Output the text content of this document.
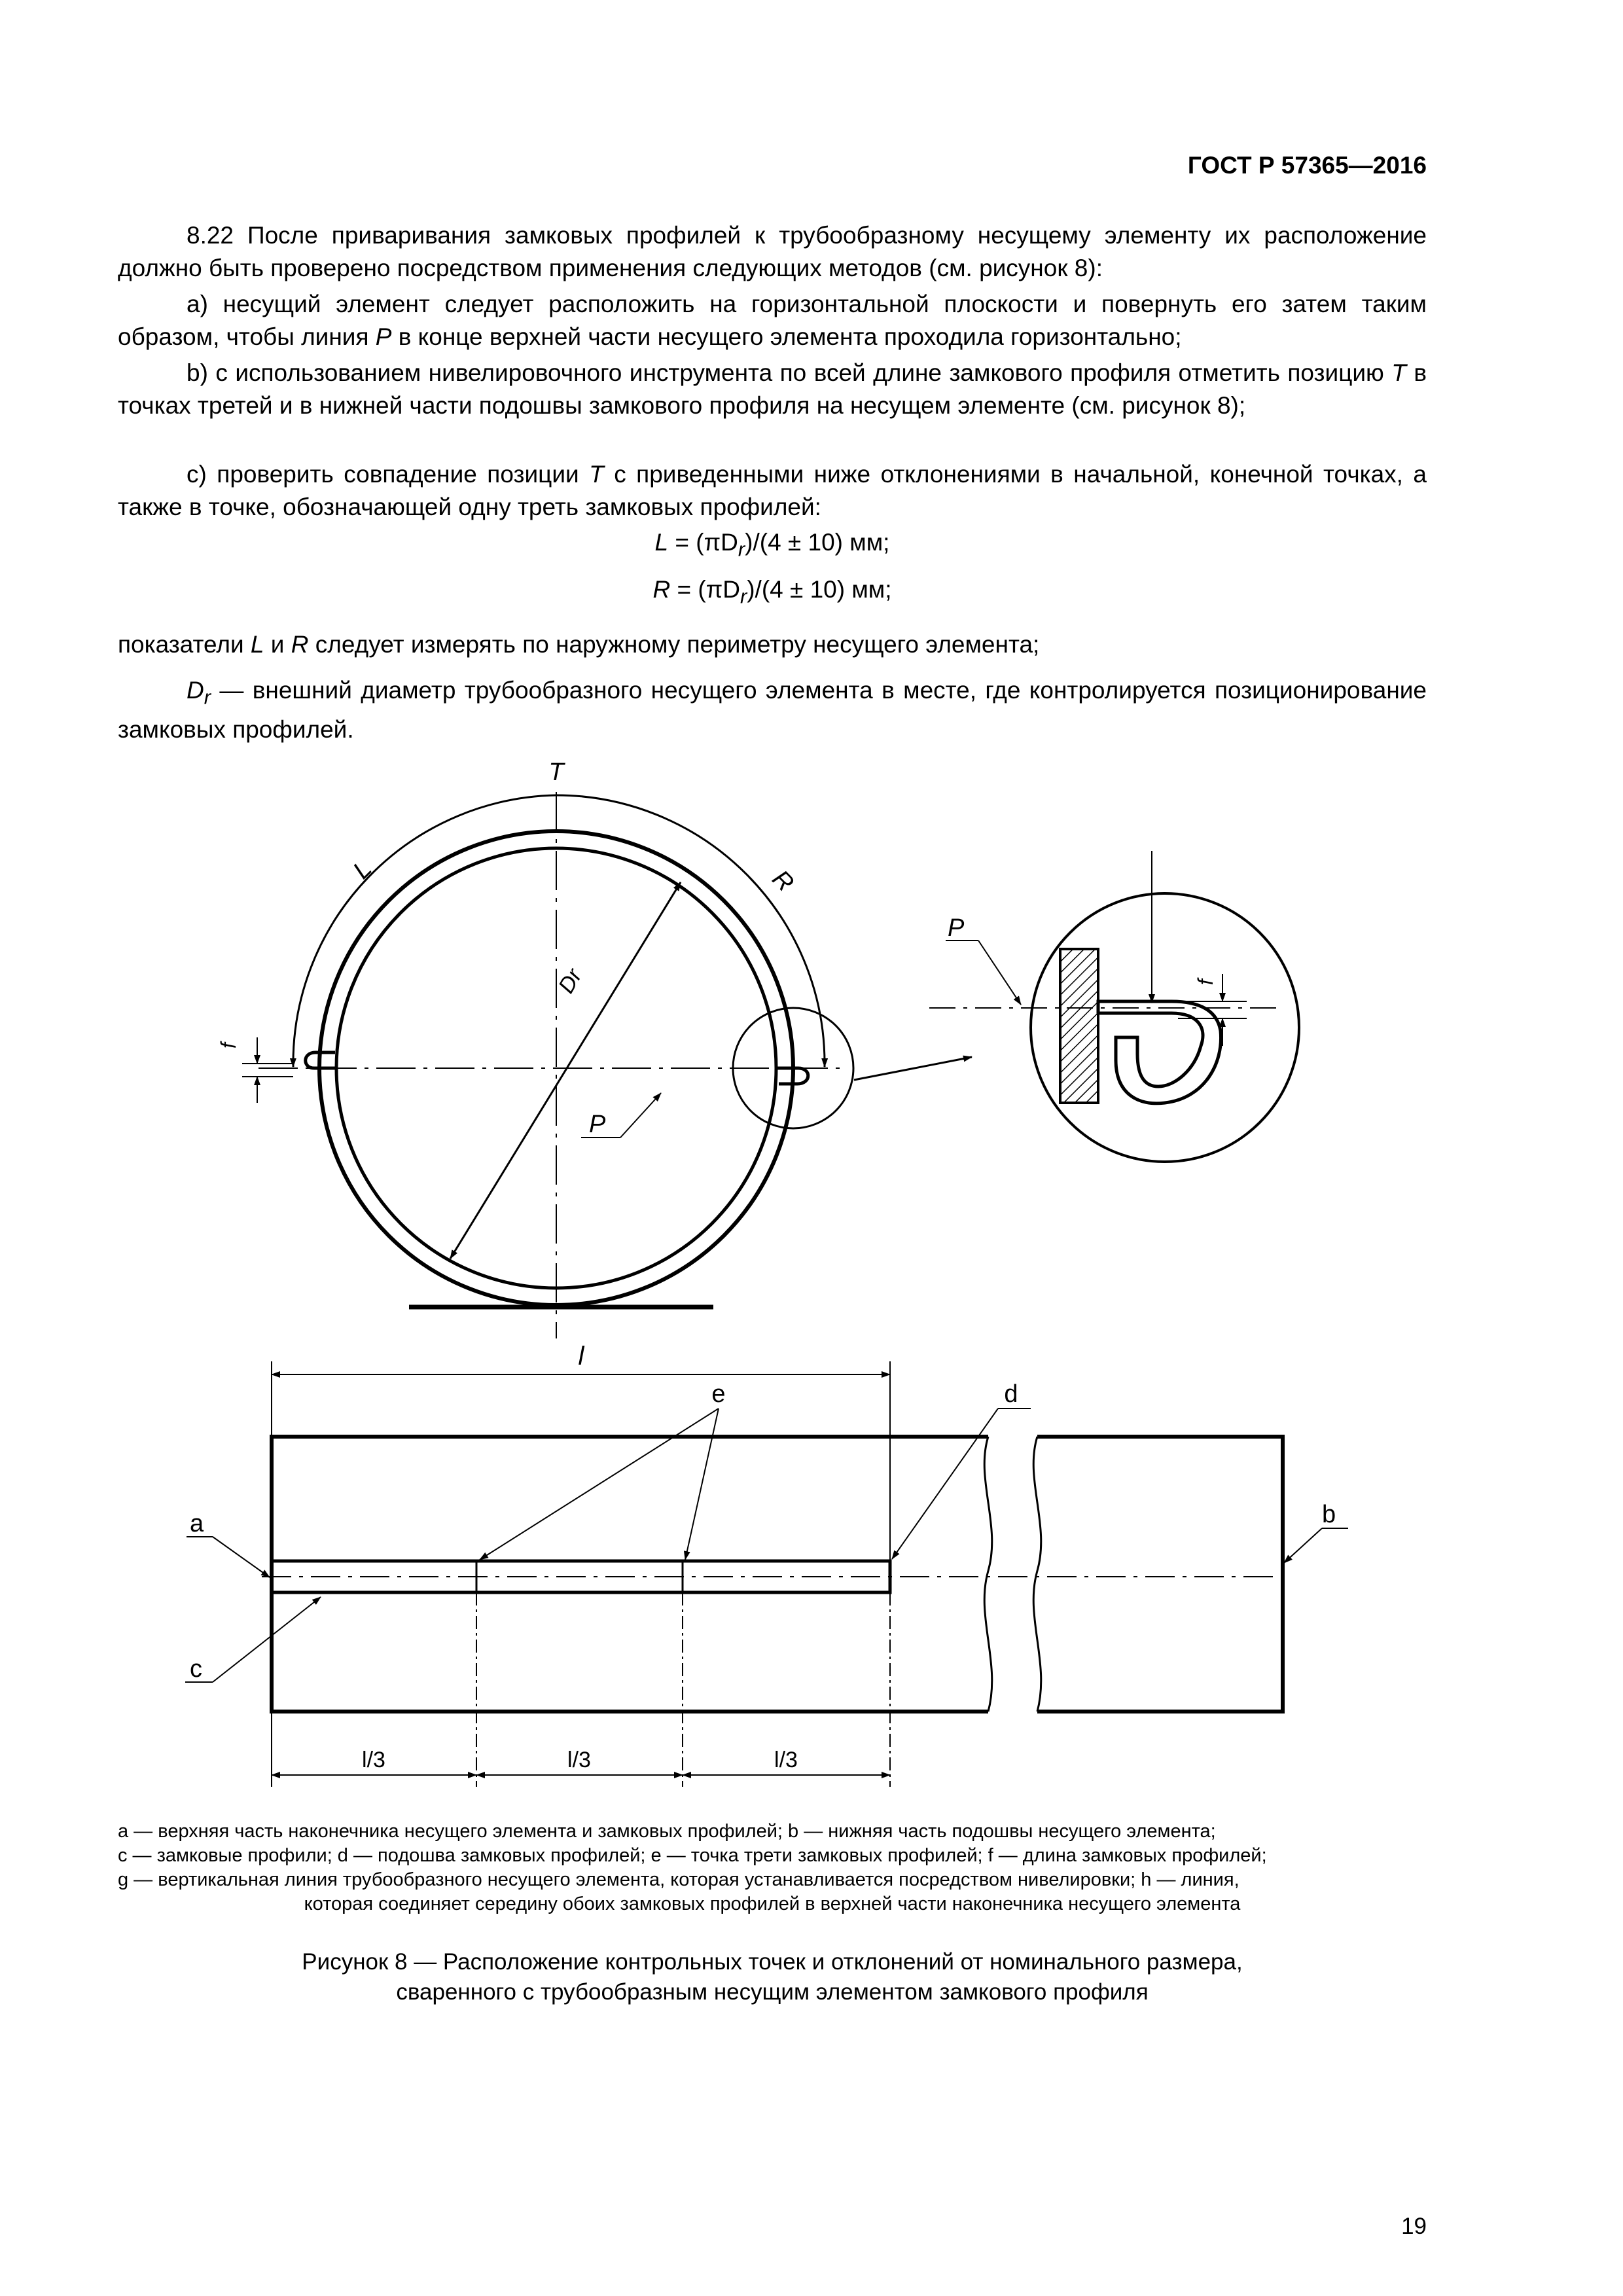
ГОСТ Р 57365—2016
8.22 После приваривания замковых профилей к трубообразному несущему элементу их расположение должно быть проверено посредством применения следующих методов (см. рисунок 8):
а) несущий элемент следует расположить на горизонтальной плоскости и повернуть его затем таким образом, чтобы линия P в конце верхней части несущего элемента проходила горизонтально;
b) с использованием нивелировочного инструмента по всей длине замкового профиля отметить позицию T в точках третей и в нижней части подошвы замкового профиля на несущем элементе (см. рисунок 8);
с) проверить совпадение позиции T с приведенными ниже отклонениями в начальной, конечной точках, а также в точке, обозначающей одну треть замковых профилей:
$L = (\pi D_r)/(4 \pm 10)$ мм;
$R = (\pi D_r)/(4 \pm 10)$ мм;
показатели L и R следует измерять по наружному периметру несущего элемента;
$D_r$ — внешний диаметр трубообразного несущего элемента в месте, где контролируется позиционирование замковых профилей.
T
L	R
Dr
f
P
P
f
l
e	d
a	b
c
l/3	l/3	l/3
а — верхняя часть наконечника несущего элемента и замковых профилей; b — нижняя часть подошвы несущего элемента;
с — замковые профили; d — подошва замковых профилей; е — точка трети замковых профилей; f — длина замковых профилей;
g — вертикальная линия трубообразного несущего элемента, которая устанавливается посредством нивелировки; h — линия,
которая соединяет середину обоих замковых профилей в верхней части наконечника несущего элемента
Рисунок 8 — Расположение контрольных точек и отклонений от номинального размера,
сваренного с трубообразным несущим элементом замкового профиля
19
